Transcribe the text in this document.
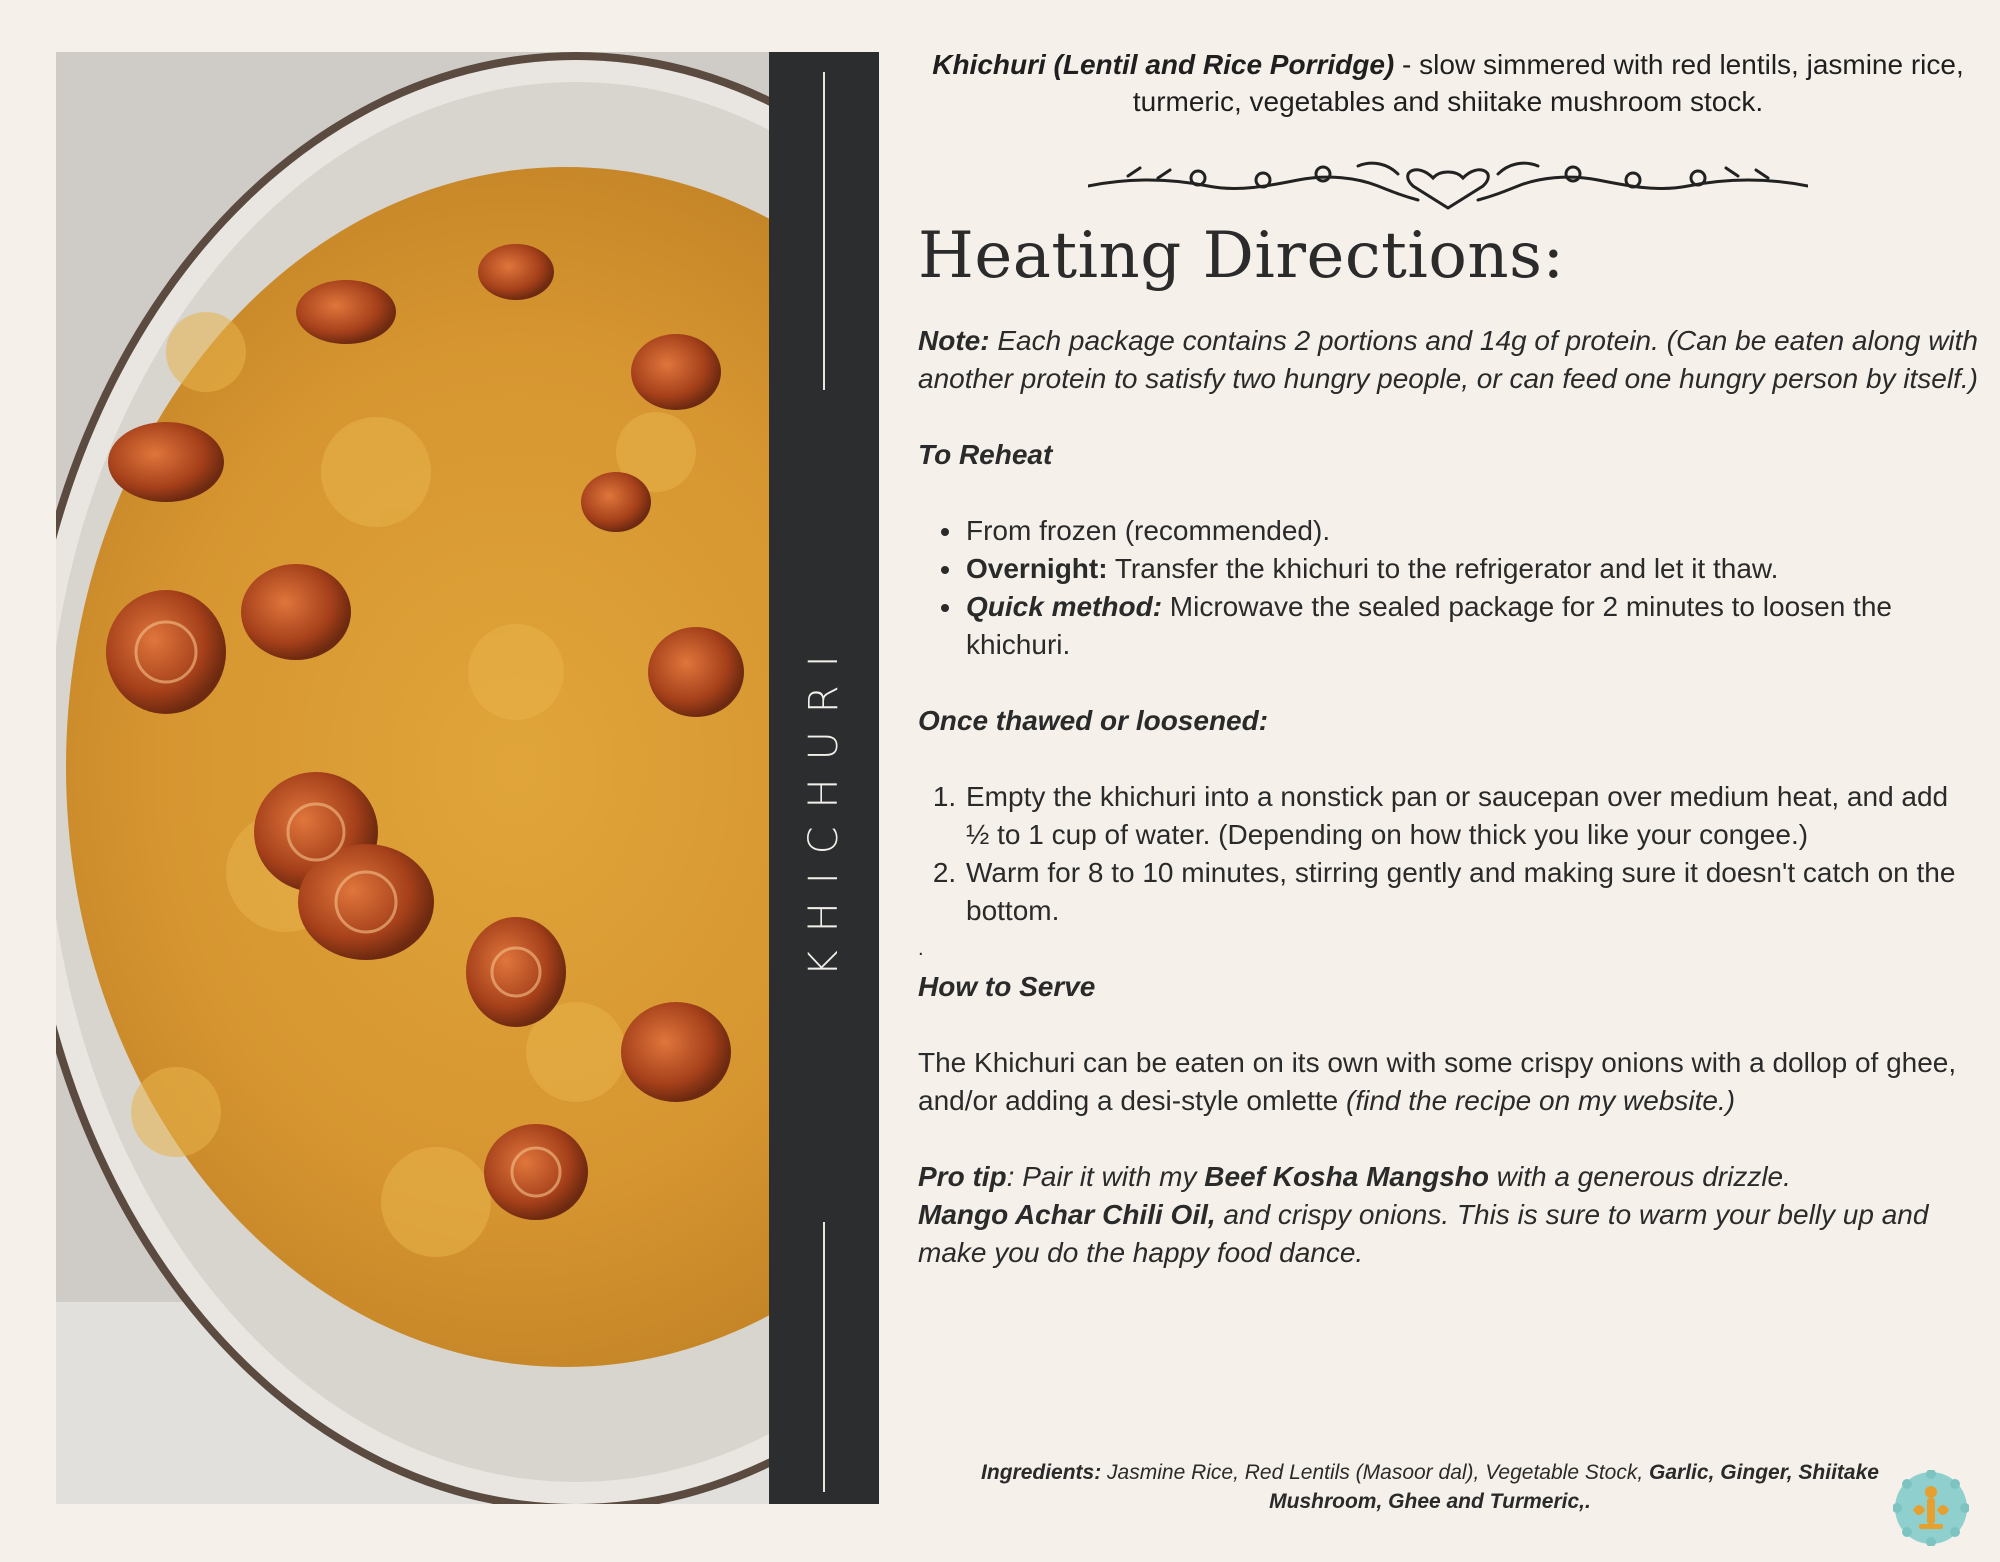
KHICHURI

Khichuri (Lentil and Rice Porridge) - slow simmered with red lentils, jasmine rice, turmeric, vegetables and shiitake mushroom stock.

Heating Directions:

Note: Each package contains 2 portions and 14g of protein. (Can be eaten along with another protein to satisfy two hungry people, or can feed one hungry person by itself.)

To Reheat

• From frozen (recommended).
• Overnight: Transfer the khichuri to the refrigerator and let it thaw.
• Quick method: Microwave the sealed package for 2 minutes to loosen the khichuri.

Once thawed or loosened:

1. Empty the khichuri into a nonstick pan or saucepan over medium heat, and add ½ to 1 cup of water. (Depending on how thick you like your congee.)
2. Warm for 8 to 10 minutes, stirring gently and making sure it doesn't catch on the bottom.

.

How to Serve

The Khichuri can be eaten on its own with some crispy onions with a dollop of ghee, and/or adding a desi-style omlette (find the recipe on my website.)

Pro tip: Pair it with my Beef Kosha Mangsho with a generous drizzle.
Mango Achar Chili Oil, and crispy onions. This is sure to warm your belly up and make you do the happy food dance.

Ingredients: Jasmine Rice, Red Lentils (Masoor dal), Vegetable Stock, Garlic, Ginger, Shiitake Mushroom, Ghee and Turmeric,.
